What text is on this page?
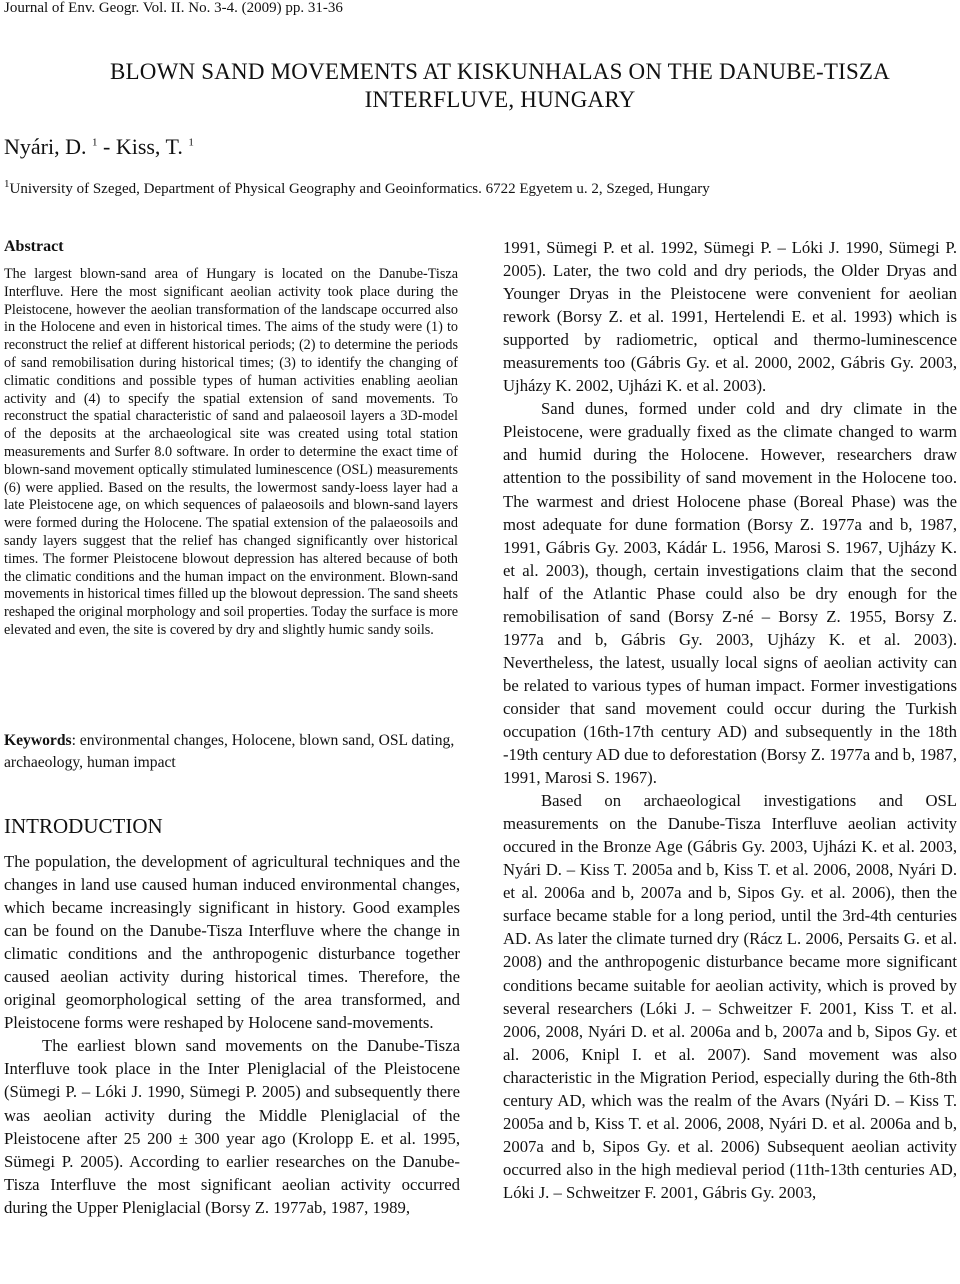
Journal of Env. Geogr. Vol. II. No. 3-4. (2009) pp. 31-36
BLOWN SAND MOVEMENTS AT KISKUNHALAS ON THE DANUBE-TISZA INTERFLUVE, HUNGARY
Nyári, D. $^1$ - Kiss, T. $^1$
$^1$University of Szeged, Department of Physical Geography and Geoinformatics. 6722 Egyetem u. 2, Szeged, Hungary
Abstract
The largest blown-sand area of Hungary is located on the Danube-Tisza Interfluve. Here the most significant aeolian activity took place during the Pleistocene, however the aeolian transformation of the landscape occurred also in the Holocene and even in historical times. The aims of the study were (1) to reconstruct the relief at different historical periods; (2) to determine the periods of sand remobilisation during historical times; (3) to identify the changing of climatic conditions and possible types of human activities enabling aeolian activity and (4) to specify the spatial extension of sand movements. To reconstruct the spatial characteristic of sand and palaeosoil layers a 3D-model of the deposits at the archaeological site was created using total station measurements and Surfer 8.0 software. In order to determine the exact time of blown-sand movement optically stimulated luminescence (OSL) measurements (6) were applied. Based on the results, the lowermost sandy-loess layer had a late Pleistocene age, on which sequences of palaeosoils and blown-sand layers were formed during the Holocene. The spatial extension of the palaeosoils and sandy layers suggest that the relief has changed significantly over historical times. The former Pleistocene blowout depression has altered because of both the climatic conditions and the human impact on the environment. Blown-sand movements in historical times filled up the blowout depression. The sand sheets reshaped the original morphology and soil properties. Today the surface is more elevated and even, the site is covered by dry and slightly humic sandy soils.
Keywords: environmental changes, Holocene, blown sand, OSL dating, archaeology, human impact
INTRODUCTION

The population, the development of agricultural techniques and the changes in land use caused human induced environmental changes, which became increasingly significant in history. Good examples can be found on the Danube-Tisza Interfluve where the change in climatic conditions and the anthropogenic disturbance together caused aeolian activity during historical times. Therefore, the original geomorphological setting of the area transformed, and Pleistocene forms were reshaped by Holocene sand-movements.

The earliest blown sand movements on the Danube-Tisza Interfluve took place in the Inter Pleniglacial of the Pleistocene (Sümegi P. – Lóki J. 1990, Sümegi P. 2005) and subsequently there was aeolian activity during the Middle Pleniglacial of the Pleistocene after 25 200 ± 300 year ago (Krolopp E. et al. 1995, Sümegi P. 2005). According to earlier researches on the Danube-Tisza Interfluve the most significant aeolian activity occurred during the Upper Pleniglacial (Borsy Z. 1977ab, 1987, 1989,

1991, Sümegi P. et al. 1992, Sümegi P. – Lóki J. 1990, Sümegi P. 2005). Later, the two cold and dry periods, the Older Dryas and Younger Dryas in the Pleistocene were convenient for aeolian rework (Borsy Z. et al. 1991, Hertelendi E. et al. 1993) which is supported by radiometric, optical and thermo-luminescence measurements too (Gábris Gy. et al. 2000, 2002, Gábris Gy. 2003, Ujházy K. 2002, Ujházi K. et al. 2003).

Sand dunes, formed under cold and dry climate in the Pleistocene, were gradually fixed as the climate changed to warm and humid during the Holocene. However, researchers draw attention to the possibility of sand movement in the Holocene too. The warmest and driest Holocene phase (Boreal Phase) was the most adequate for dune formation (Borsy Z. 1977a and b, 1987, 1991, Gábris Gy. 2003, Kádár L. 1956, Marosi S. 1967, Ujházy K. et al. 2003), though, certain investigations claim that the second half of the Atlantic Phase could also be dry enough for the remobilisation of sand (Borsy Z-né – Borsy Z. 1955, Borsy Z. 1977a and b, Gábris Gy. 2003, Ujházy K. et al. 2003). Nevertheless, the latest, usually local signs of aeolian activity can be related to various types of human impact. Former investigations consider that sand movement could occur during the Turkish occupation (16th-17th century AD) and subsequently in the 18th -19th century AD due to deforestation (Borsy Z. 1977a and b, 1987, 1991, Marosi S. 1967).

Based on archaeological investigations and OSL measurements on the Danube-Tisza Interfluve aeolian activity occured in the Bronze Age (Gábris Gy. 2003, Ujházi K. et al. 2003, Nyári D. – Kiss T. 2005a and b, Kiss T. et al. 2006, 2008, Nyári D. et al. 2006a and b, 2007a and b, Sipos Gy. et al. 2006), then the surface became stable for a long period, until the 3rd-4th centuries AD. As later the climate turned dry (Rácz L. 2006, Persaits G. et al. 2008) and the anthropogenic disturbance became more significant conditions became suitable for aeolian activity, which is proved by several researchers (Lóki J. – Schweitzer F. 2001, Kiss T. et al. 2006, 2008, Nyári D. et al. 2006a and b, 2007a and b, Sipos Gy. et al. 2006, Knipl I. et al. 2007). Sand movement was also characteristic in the Migration Period, especially during the 6th-8th century AD, which was the realm of the Avars (Nyári D. – Kiss T. 2005a and b, Kiss T. et al. 2006, 2008, Nyári D. et al. 2006a and b, 2007a and b, Sipos Gy. et al. 2006) Subsequent aeolian activity occurred also in the high medieval period (11th-13th centuries AD, Lóki J. – Schweitzer F. 2001, Gábris Gy. 2003,
